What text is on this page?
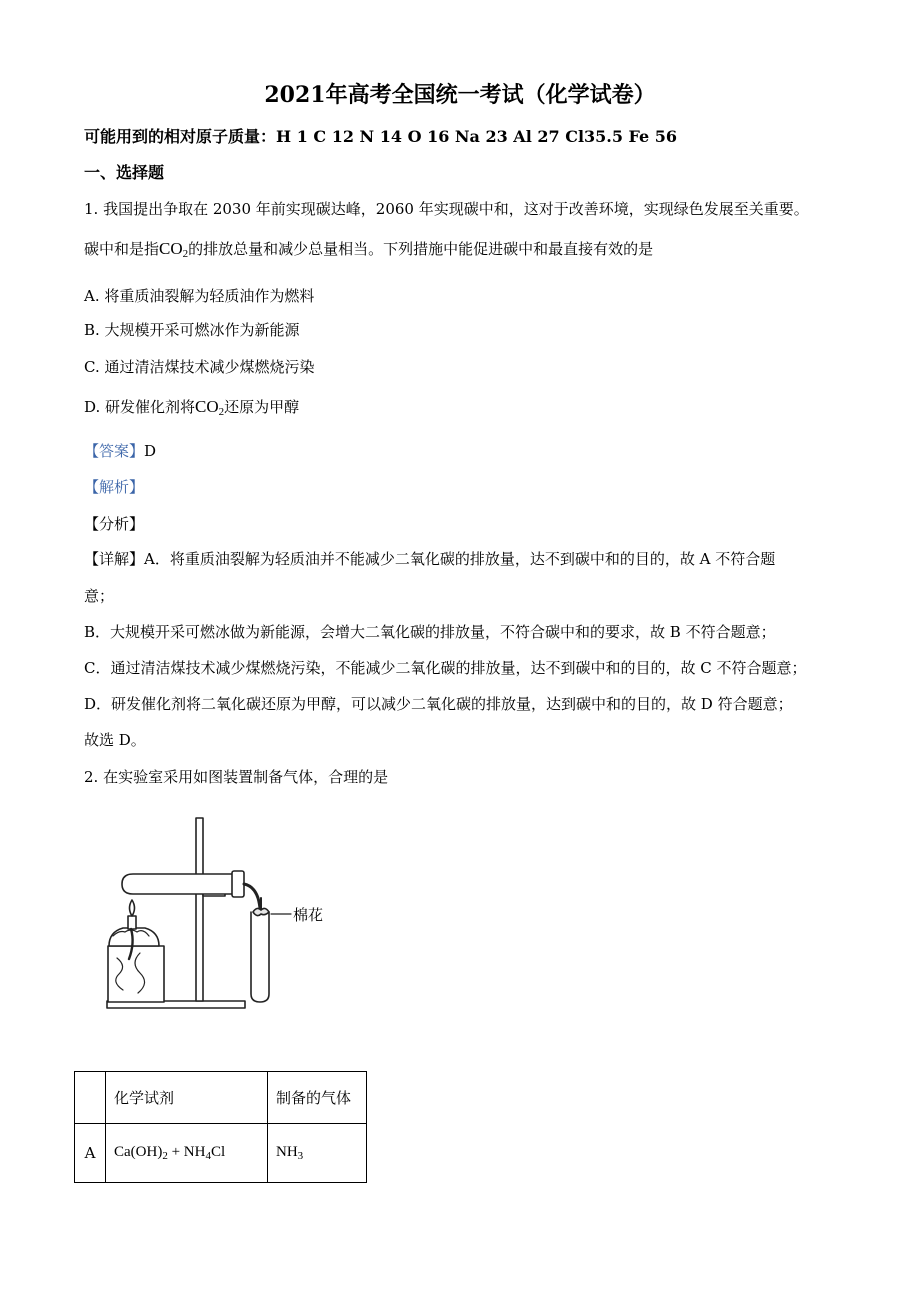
2021年高考全国统一考试（化学试卷）
可能用到的相对原子质量：H 1 C 12 N 14 O 16 Na 23 Al 27 Cl35.5 Fe 56
一、选择题
1. 我国提出争取在 2030 年前实现碳达峰，2060 年实现碳中和，这对于改善环境，实现绿色发展至关重要。
碳中和是指$CO_2$的排放总量和减少总量相当。下列措施中能促进碳中和最直接有效的是
A. 将重质油裂解为轻质油作为燃料
B. 大规模开采可燃冰作为新能源
C. 通过清洁煤技术减少煤燃烧污染
D. 研发催化剂将$CO_2$还原为甲醇
【答案】D
【解析】
【分析】
【详解】A．将重质油裂解为轻质油并不能减少二氧化碳的排放量，达不到碳中和的目的，故 A 不符合题
意；
B．大规模开采可燃冰做为新能源，会增大二氧化碳的排放量，不符合碳中和的要求，故 B 不符合题意；
C．通过清洁煤技术减少煤燃烧污染，不能减少二氧化碳的排放量，达不到碳中和的目的，故 C 不符合题意；
D．研发催化剂将二氧化碳还原为甲醇，可以减少二氧化碳的排放量，达到碳中和的目的，故 D 符合题意；
故选 D。
2. 在实验室采用如图装置制备气体，合理的是
棉花
	化学试剂	制备的气体
A	$Ca(OH)_2 + NH_4Cl$	$NH_3$
